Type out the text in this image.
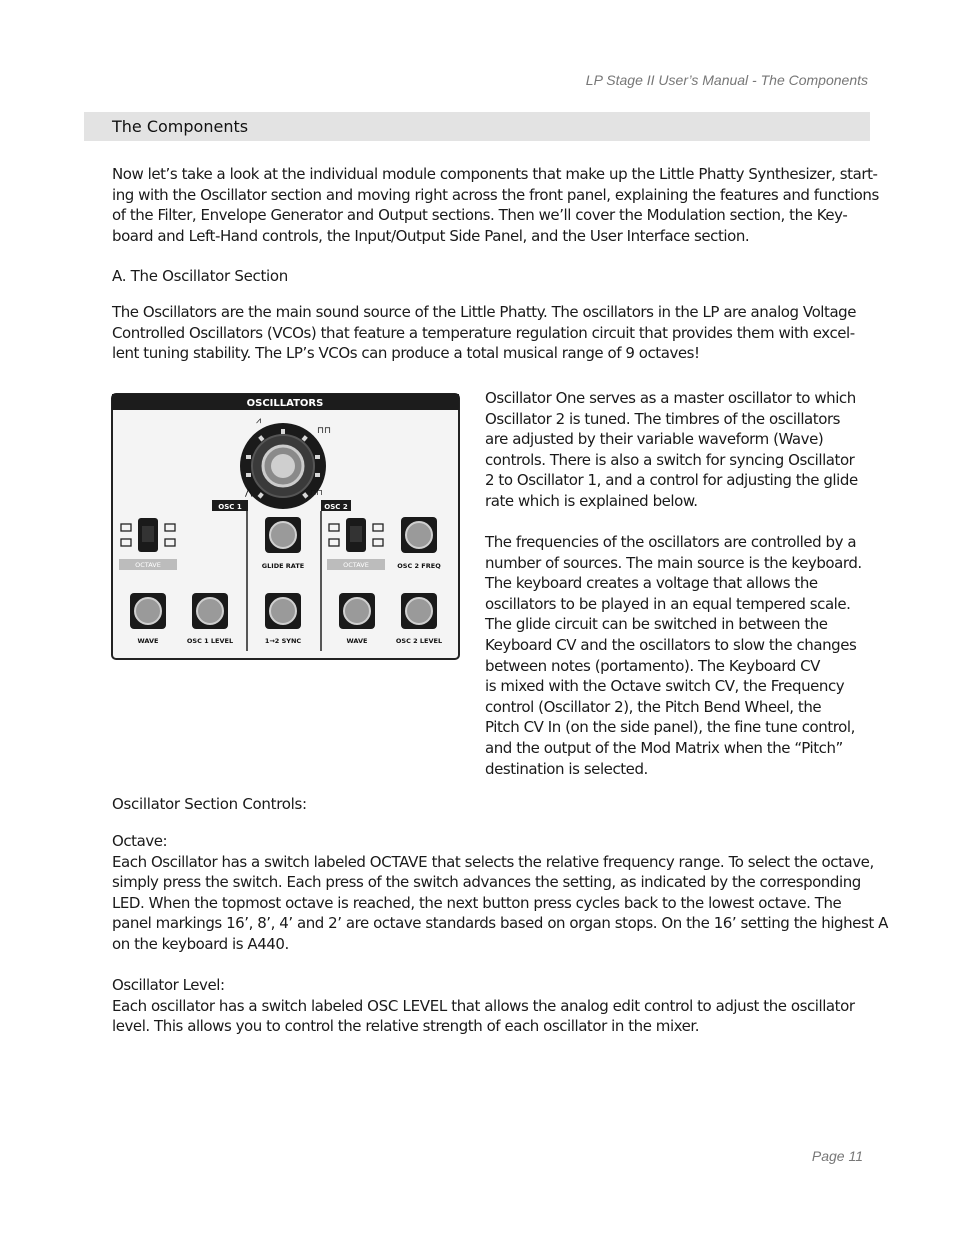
LP Stage II User’s Manual - The Components
The Components

Now let’s take a look at the individual module components that make up the Little Phatty Synthesizer, start-
ing with the Oscillator section and moving right across the front panel, explaining the features and functions
of the Filter, Envelope Generator and Output sections. Then we’ll cover the Modulation section, the Key-
board and Left-Hand controls, the Input/Output Side Panel, and the User Interface section.

A. The Oscillator Section

The Oscillators are the main sound source of the Little Phatty. The oscillators in the LP are analog Voltage
Controlled Oscillators (VCOs) that feature a temperature regulation circuit that provides them with excel-
lent tuning stability. The LP’s VCOs can produce a total musical range of 9 octaves!

OSCILLATORS
⩘
⊓⊓
⋀	⊓⊓
OSC 1	OSC 2
OCTAVE	OCTAVE
GLIDE RATE	OSC 2 FREQ
WAVE	OSC 1 LEVEL	1→2 SYNC	WAVE	OSC 2 LEVEL

Oscillator One serves as a master oscillator to which
Oscillator 2 is tuned. The timbres of the oscillators
are adjusted by their variable waveform (Wave)
controls. There is also a switch for syncing Oscillator
2 to Oscillator 1, and a control for adjusting the glide
rate which is explained below.

The frequencies of the oscillators are controlled by a
number of sources. The main source is the keyboard.
The keyboard creates a voltage that allows the
oscillators to be played in an equal tempered scale.
The glide circuit can be switched in between the
Keyboard CV and the oscillators to slow the changes
between notes (portamento). The Keyboard CV
is mixed with the Octave switch CV, the Frequency
control (Oscillator 2), the Pitch Bend Wheel, the
Pitch CV In (on the side panel), the fine tune control,
and the output of the Mod Matrix when the “Pitch”
destination is selected.

Oscillator Section Controls:

Octave:
Each Oscillator has a switch labeled OCTAVE that selects the relative frequency range. To select the octave,
simply press the switch. Each press of the switch advances the setting, as indicated by the corresponding
LED. When the topmost octave is reached, the next button press cycles back to the lowest octave. The
panel markings 16’, 8’, 4’ and 2’ are octave standards based on organ stops. On the 16’ setting the highest A
on the keyboard is A440.

Oscillator Level:
Each oscillator has a switch labeled OSC LEVEL that allows the analog edit control to adjust the oscillator
level. This allows you to control the relative strength of each oscillator in the mixer.

Page 11
